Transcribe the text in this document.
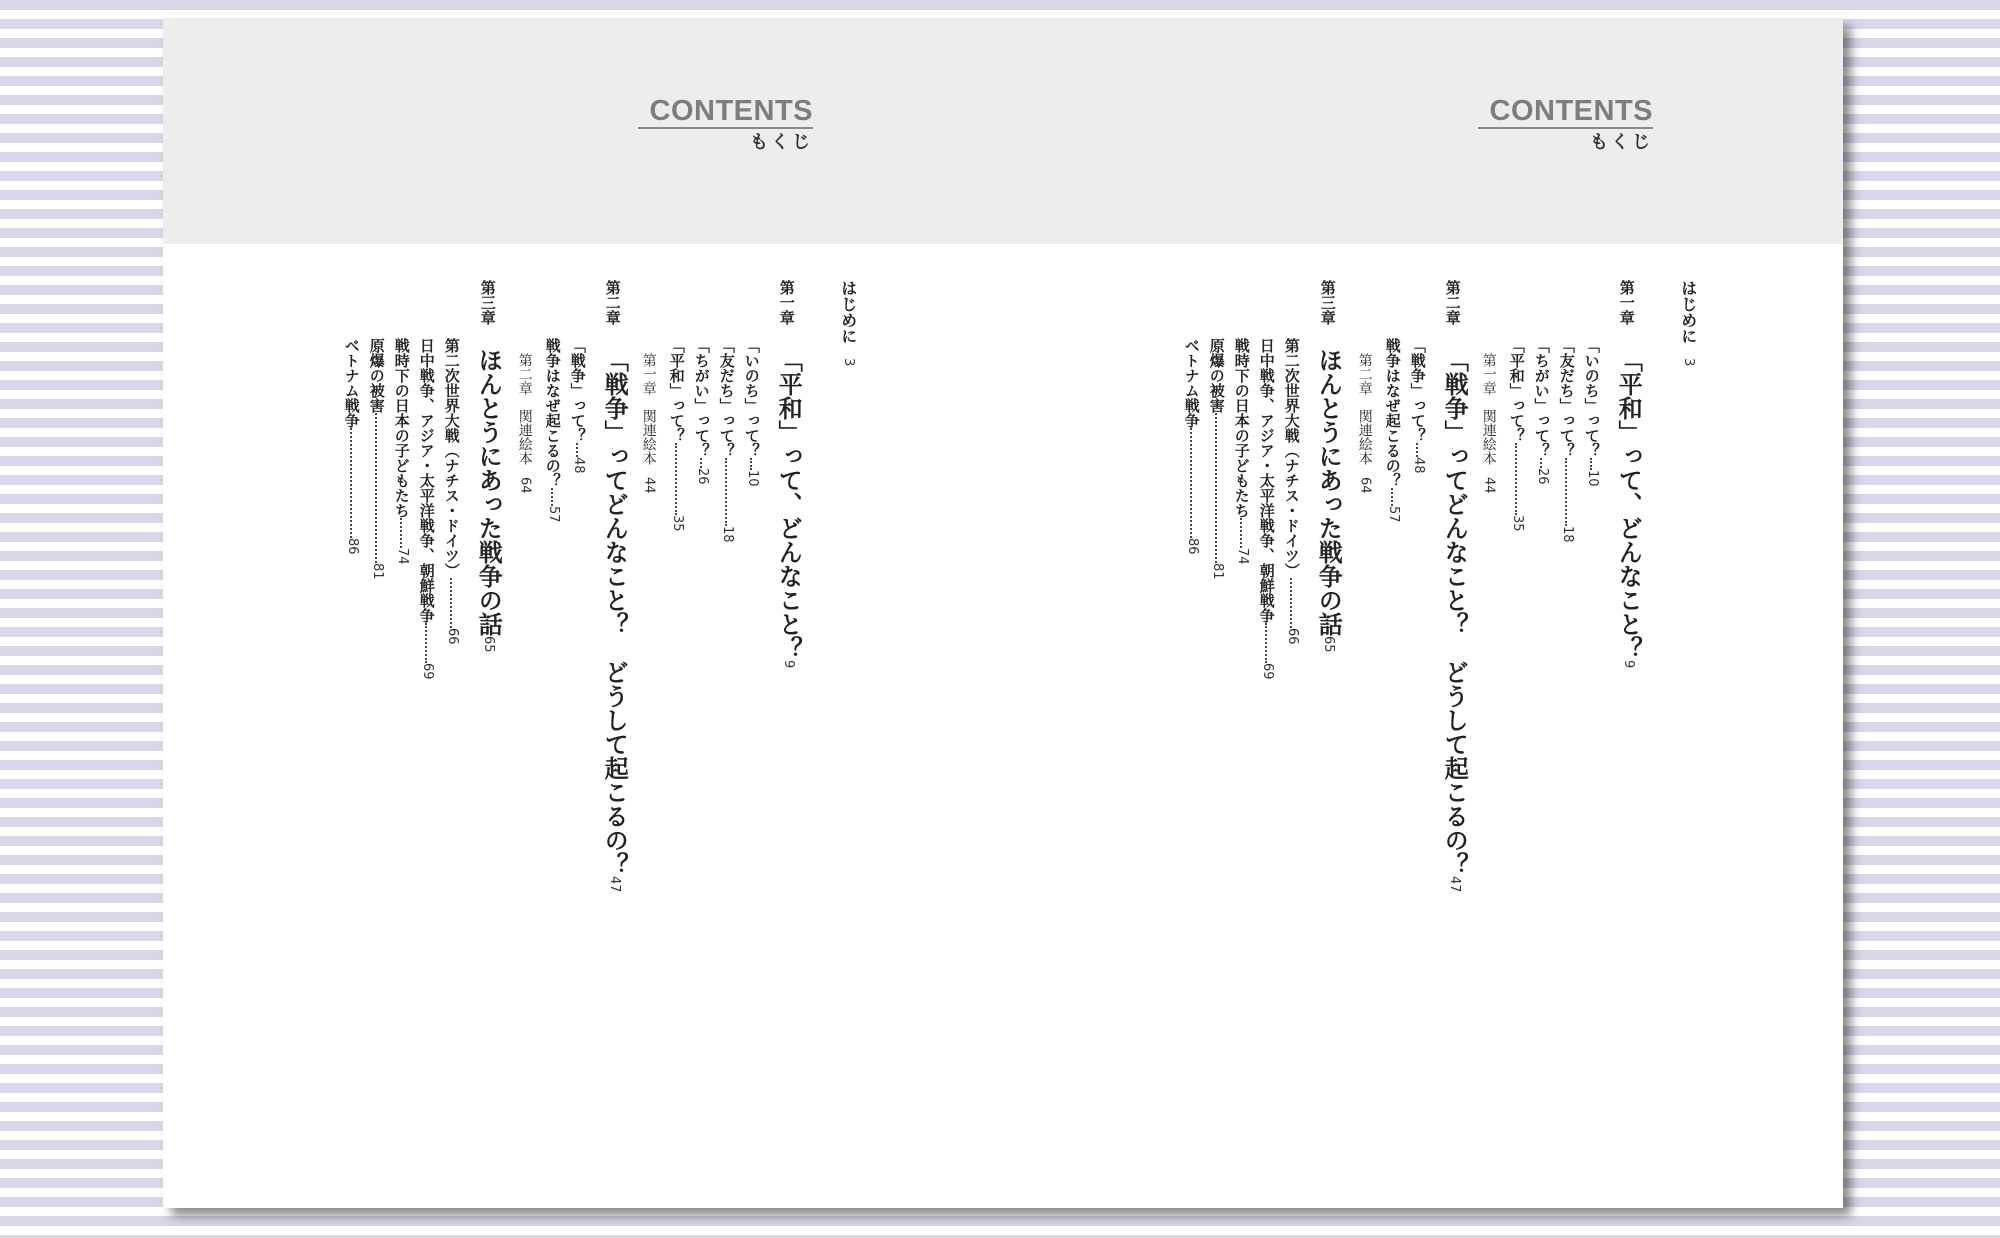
CONTENTS
もくじ
はじめに3
第一章
「平和」って、どんなこと？9
「いのち」って？10
「友だち」って？18
「ちがい」って？26
「平和」って？35
第一章　関連絵本44
第二章
「戦争」ってどんなこと？　どうして起こるの？47
「戦争」って？48
戦争はなぜ起こるの？57
第二章　関連絵本64
第三章
ほんとうにあった戦争の話65
第二次世界大戦（ナチス・ドイツ）66
日中戦争、アジア・太平洋戦争、朝鮮戦争69
戦時下の日本の子どもたち74
原爆の被害81
ベトナム戦争86
CONTENTS
もくじ
はじめに3
第一章
「平和」って、どんなこと？9
「いのち」って？10
「友だち」って？18
「ちがい」って？26
「平和」って？35
第一章　関連絵本44
第二章
「戦争」ってどんなこと？　どうして起こるの？47
「戦争」って？48
戦争はなぜ起こるの？57
第二章　関連絵本64
第三章
ほんとうにあった戦争の話65
第二次世界大戦（ナチス・ドイツ）66
日中戦争、アジア・太平洋戦争、朝鮮戦争69
戦時下の日本の子どもたち74
原爆の被害81
ベトナム戦争86
